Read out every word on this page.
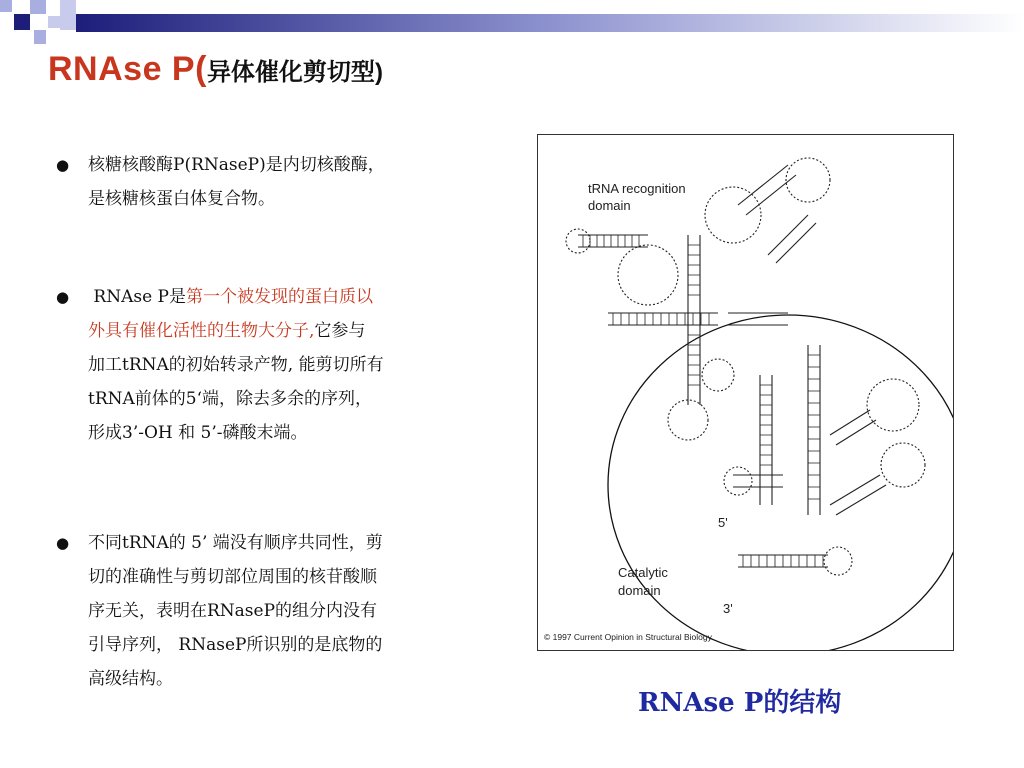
RNAse P(异体催化剪切型)
● 核糖核酸酶P(RNaseP)是内切核酸酶，
是核糖核蛋白体复合物。
●	RNAse P是第一个被发现的蛋白质以
外具有催化活性的生物大分子,它参与
加工tRNA的初始转录产物, 能剪切所有
tRNA前体的5‘端，除去多余的序列，
形成3’-OH 和 5’-磷酸末端。
● 不同tRNA的 5’ 端没有顺序共同性，剪
切的准确性与剪切部位周围的核苷酸顺
序无关，表明在RNaseP的组分内没有
引导序列， RNaseP所识别的是底物的
高级结构。
tRNA recognition
domain
5'
3'
Catalytic
domain
© 1997 Current Opinion in Structural Biology
RNAse P的结构
